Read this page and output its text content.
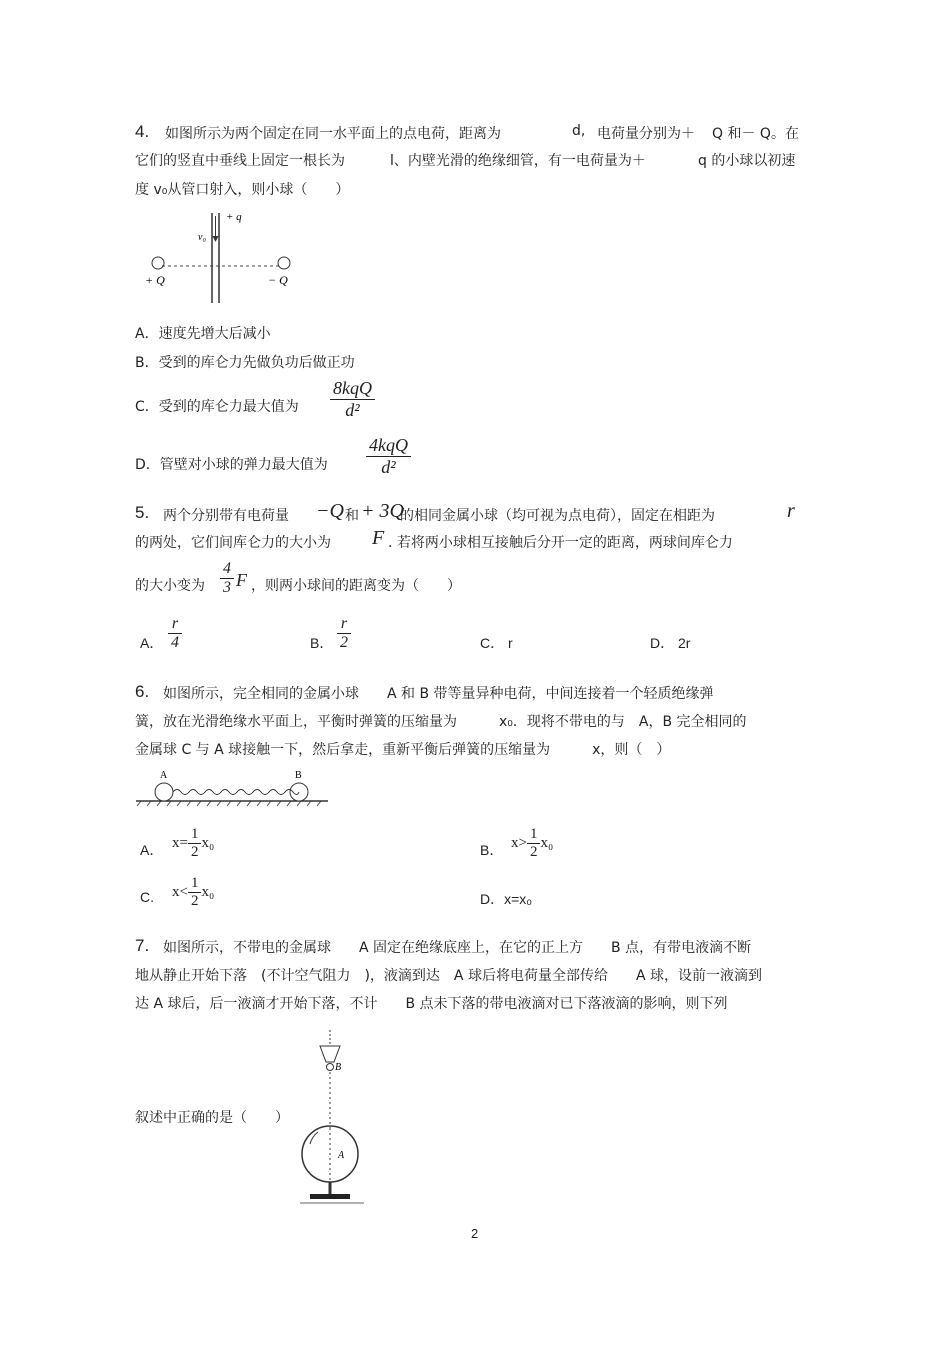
4. 如图所示为两个固定在同一水平面上的点电荷，距离为	d, 电荷量分别为＋ Q 和－ Q。在
它们的竖直中垂线上固定一根长为	l、内壁光滑的绝缘细管，有一电荷量为＋	q 的小球以初速
度 v₀从管口射入，则小球（　　）
+ q
v₀
+ Q	− Q
A．速度先增大后减小
B．受到的库仑力先做负功后做正功
C．受到的库仑力最大值为 $\frac{\text{8kqQ}}{\text{d²}}$
D．管壁对小球的弹力最大值为 $\frac{\text{4kqQ}}{\text{d²}}$
5. 两个分别带有电荷量 −Q 和 + 3Q
的相同金属小球（均可视为点电荷），固定在相距为	r
的两处，它们间库仑力的大小为 F . 若将两小球相互接触后分开一定的距离，两球间库仑力
的大小变为 $\frac{4}{3}$ F ，则两小球间的距离变为（　　）
A． $\frac{r}{4}$	B． $\frac{r}{2}$	C． r	D． 2r
6. 如图所示，完全相同的金属小球　　A 和 B 带等量异种电荷，中间连接着一个轻质绝缘弹
簧，放在光滑绝缘水平面上，平衡时弹簧的压缩量为　　　x₀．现将不带电的与　A，B 完全相同的
金属球 C 与 A 球接触一下，然后拿走，重新平衡后弹簧的压缩量为　　　x，则（　）
A	B
A． $x= \frac{1}{2} x_0$	B． $x> \frac{1}{2} x_0$
C. $x< \frac{1}{2} x_0$	D．x=x₀
7. 如图所示，不带电的金属球　　A 固定在绝缘底座上，在它的正上方　　B 点，有带电液滴不断
地从静止开始下落　(不计空气阻力　)，液滴到达　A 球后将电荷量全部传给　　A 球，设前一液滴到
达 A 球后，后一液滴才开始下落，不计　　B 点未下落的带电液滴对已下落液滴的影响，则下列
叙述中正确的是（　　）
B
A
2
